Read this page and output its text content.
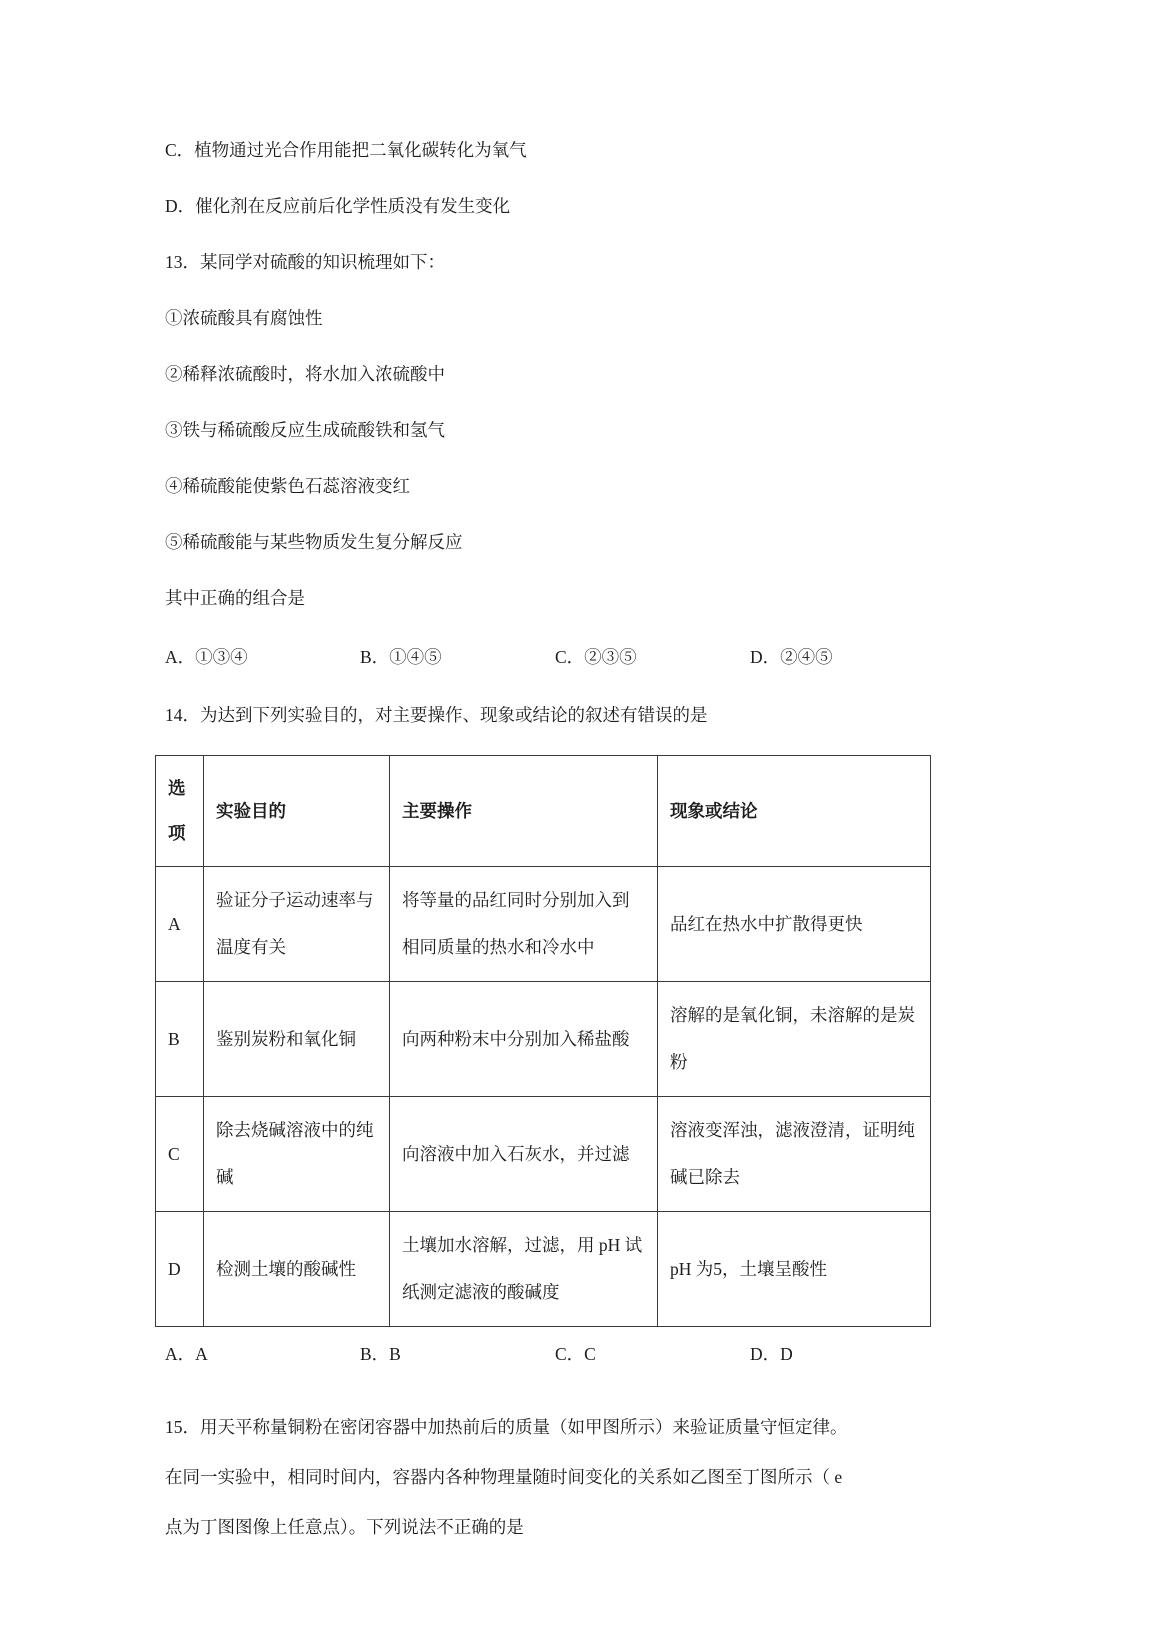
C．植物通过光合作用能把二氧化碳转化为氧气
D．催化剂在反应前后化学性质没有发生变化
13．某同学对硫酸的知识梳理如下：
①浓硫酸具有腐蚀性
②稀释浓硫酸时，将水加入浓硫酸中
③铁与稀硫酸反应生成硫酸铁和氢气
④稀硫酸能使紫色石蕊溶液变红
⑤稀硫酸能与某些物质发生复分解反应
其中正确的组合是
A．①③④	B．①④⑤	C．②③⑤	D．②④⑤
14．为达到下列实验目的，对主要操作、现象或结论的叙述有错误的是
选
项	实验目的	主要操作	现象或结论
A	验证分子运动速率与温度有关	将等量的品红同时分别加入到相同质量的热水和冷水中	品红在热水中扩散得更快
B	鉴别炭粉和氧化铜	向两种粉末中分别加入稀盐酸	溶解的是氧化铜，未溶解的是炭粉
C	除去烧碱溶液中的纯碱	向溶液中加入石灰水，并过滤	溶液变浑浊，滤液澄清，证明纯碱已除去
D	检测土壤的酸碱性	土壤加水溶解，过滤，用 pH 试纸测定滤液的酸碱度	pH 为5，土壤呈酸性
A．A	B．B	C．C	D．D
15．用天平称量铜粉在密闭容器中加热前后的质量（如甲图所示）来验证质量守恒定律。
在同一实验中，相同时间内，容器内各种物理量随时间变化的关系如乙图至丁图所示（ e
点为丁图图像上任意点）。下列说法不正确的是
